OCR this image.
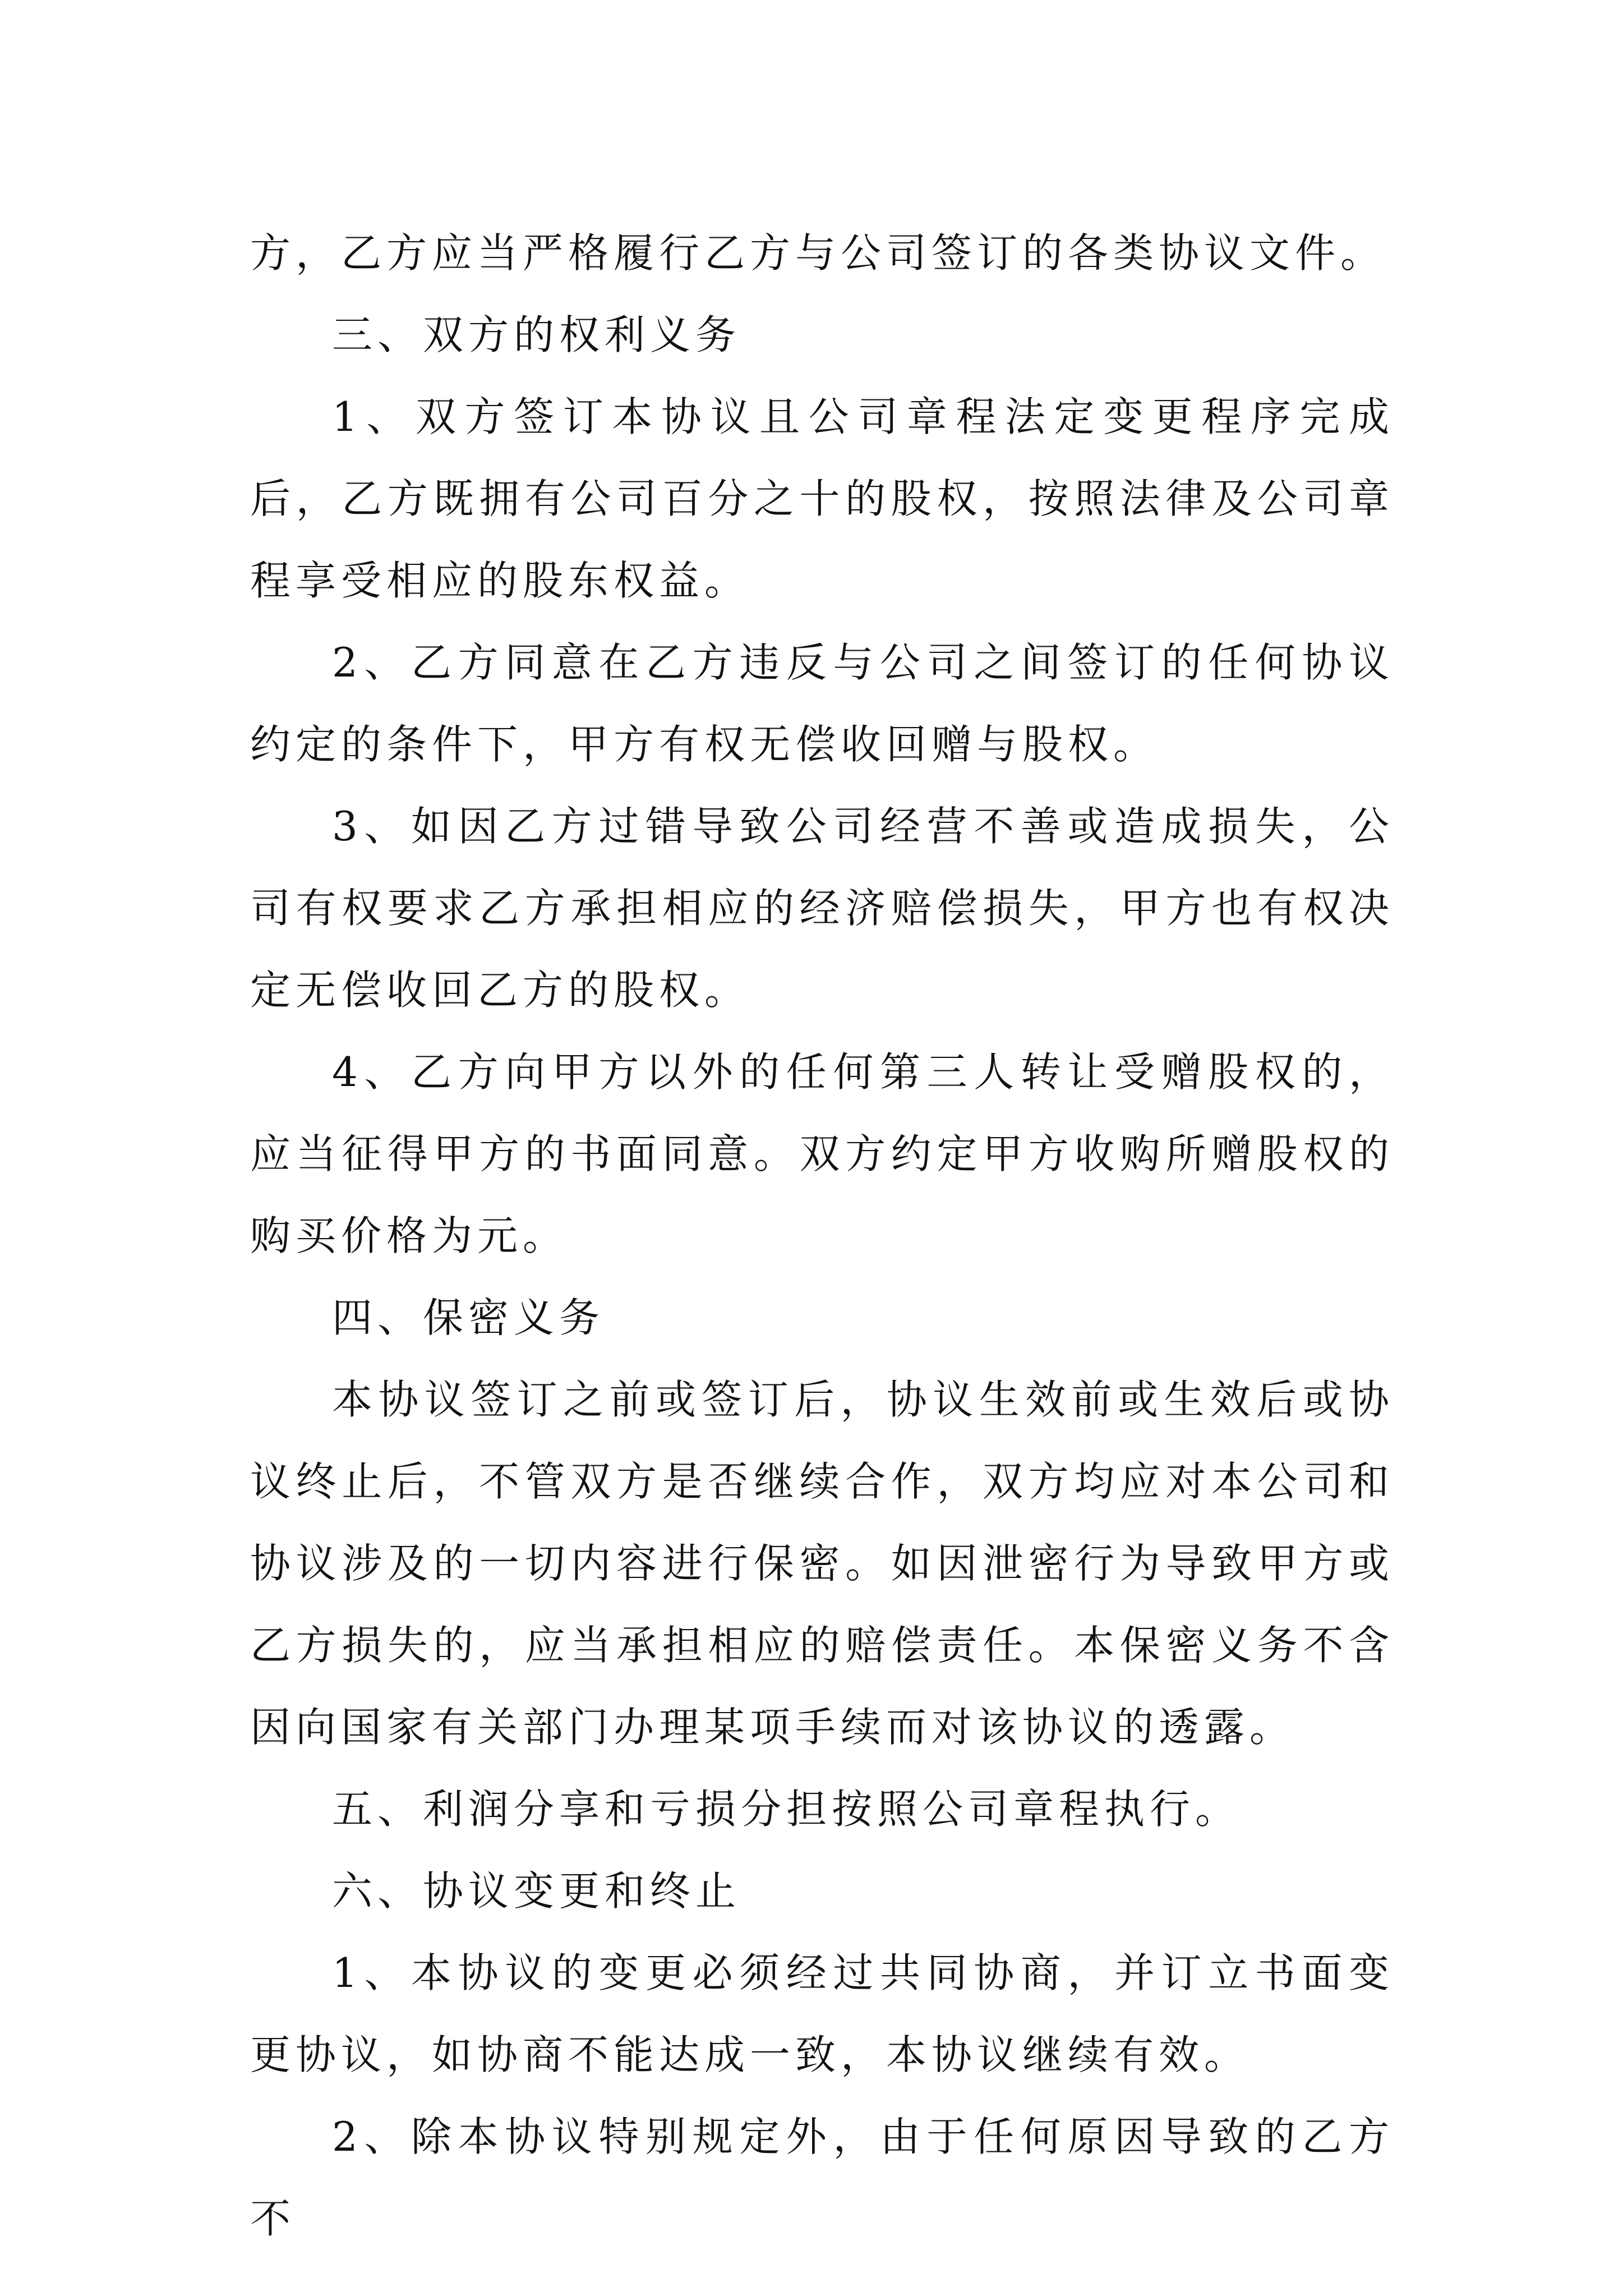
方，乙方应当严格履行乙方与公司签订的各类协议文件。

三、双方的权利义务

1、双方签订本协议且公司章程法定变更程序完成后，乙方既拥有公司百分之十的股权，按照法律及公司章程享受相应的股东权益。

2、乙方同意在乙方违反与公司之间签订的任何协议约定的条件下，甲方有权无偿收回赠与股权。

3、如因乙方过错导致公司经营不善或造成损失，公司有权要求乙方承担相应的经济赔偿损失，甲方也有权决定无偿收回乙方的股权。

4、乙方向甲方以外的任何第三人转让受赠股权的，应当征得甲方的书面同意。双方约定甲方收购所赠股权的购买价格为元。

四、保密义务

本协议签订之前或签订后，协议生效前或生效后或协议终止后，不管双方是否继续合作，双方均应对本公司和协议涉及的一切内容进行保密。如因泄密行为导致甲方或乙方损失的，应当承担相应的赔偿责任。本保密义务不含因向国家有关部门办理某项手续而对该协议的透露。

五、利润分享和亏损分担按照公司章程执行。

六、协议变更和终止

1、本协议的变更必须经过共同协商，并订立书面变更协议，如协商不能达成一致，本协议继续有效。

2、除本协议特别规定外，由于任何原因导致的乙方不
